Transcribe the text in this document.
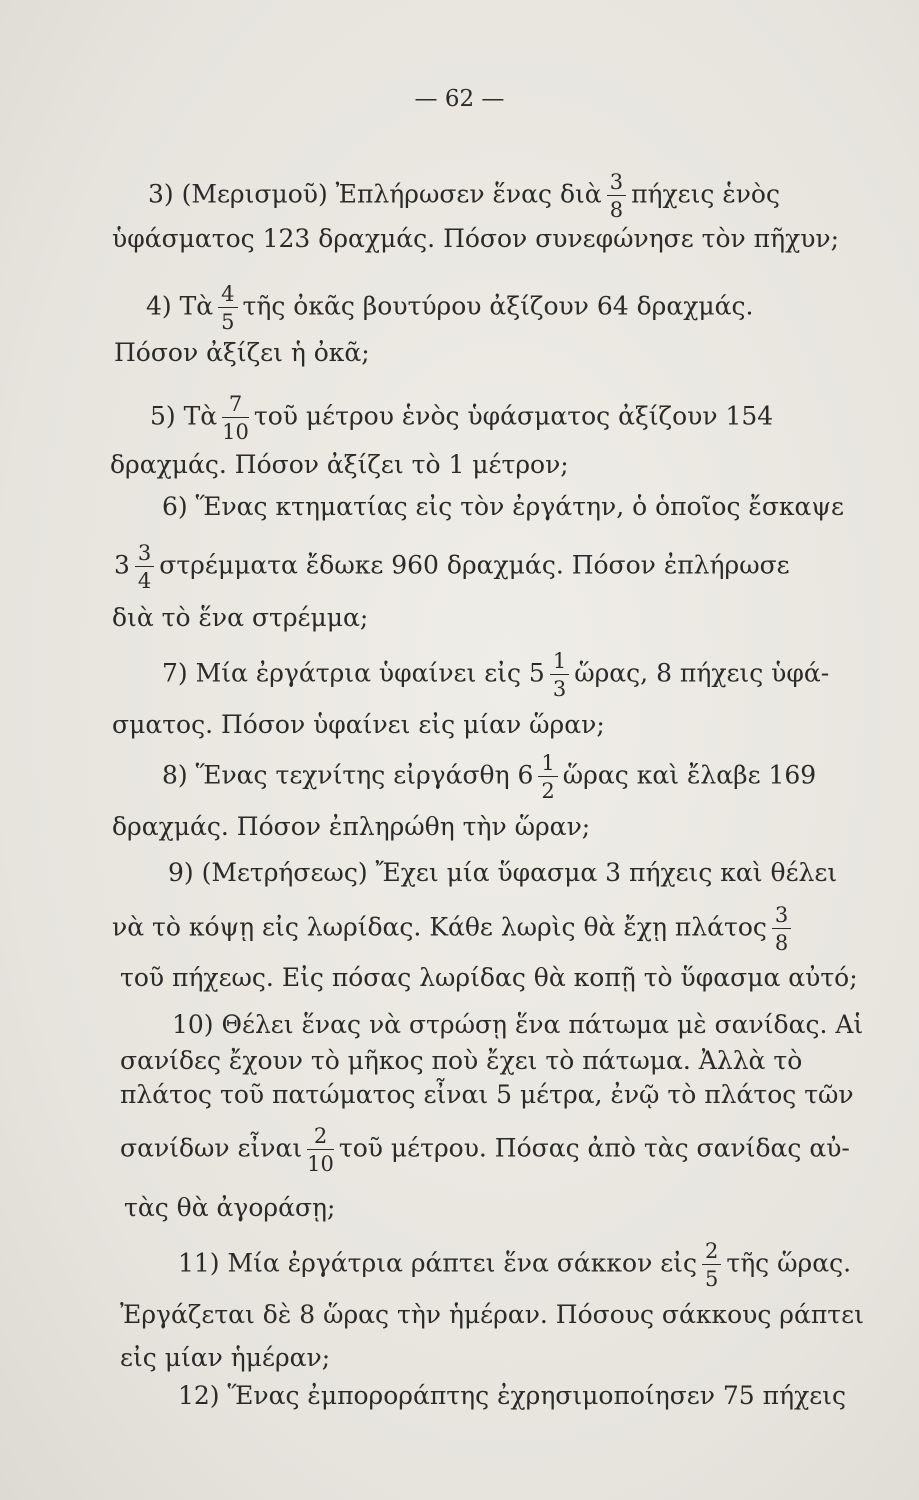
— 62 —
3) (Μερισμοῦ) Ἐπλήρωσεν ἕνας διὰ $\frac{3}{8}$ πήχεις ἑνὸς
ὑφάσματος 123 δραχμάς. Πόσον συνεφώνησε τὸν πῆχυν;
4) Τὰ $\frac{4}{5}$ τῆς ὀκᾶς βουτύρου ἀξίζουν 64 δραχμάς.
Πόσον ἀξίζει ἡ ὀκᾶ;
5) Τὰ $\frac{7}{10}$ τοῦ μέτρου ἑνὸς ὑφάσματος ἀξίζουν 154
δραχμάς. Πόσον ἀξίζει τὸ 1 μέτρον;
6) Ἕνας κτηματίας εἰς τὸν ἐργάτην, ὁ ὁποῖος ἔσκαψε
$3 \frac{3}{4}$ στρέμματα ἔδωκε 960 δραχμάς. Πόσον ἐπλήρωσε
διὰ τὸ ἕνα στρέμμα;
7) Μία ἐργάτρια ὑφαίνει εἰς $5 \frac{1}{3}$ ὥρας, 8 πήχεις ὑφά-
σματος. Πόσον ὑφαίνει εἰς μίαν ὥραν;
8) Ἕνας τεχνίτης εἰργάσθη $6 \frac{1}{2}$ ὥρας καὶ ἔλαβε 169
δραχμάς. Πόσον ἐπληρώθη τὴν ὥραν;
9) (Μετρήσεως) Ἔχει μία ὕφασμα 3 πήχεις καὶ θέλει
νὰ τὸ κόψῃ εἰς λωρίδας. Κάθε λωρὶς θὰ ἔχῃ πλάτος $\frac{3}{8}$
τοῦ πήχεως. Εἰς πόσας λωρίδας θὰ κοπῇ τὸ ὕφασμα αὐτό;
10) Θέλει ἕνας νὰ στρώσῃ ἕνα πάτωμα μὲ σανίδας. Αἱ
σανίδες ἔχουν τὸ μῆκος ποὺ ἔχει τὸ πάτωμα. Ἀλλὰ τὸ
πλάτος τοῦ πατώματος εἶναι 5 μέτρα, ἐνῷ τὸ πλάτος τῶν
σανίδων εἶναι $\frac{2}{10}$ τοῦ μέτρου. Πόσας ἀπὸ τὰς σανίδας αὐ-
τὰς θὰ ἀγοράσῃ;
11) Μία ἐργάτρια ράπτει ἕνα σάκκον εἰς $\frac{2}{5}$ τῆς ὥρας.
Ἐργάζεται δὲ 8 ὥρας τὴν ἡμέραν. Πόσους σάκκους ράπτει
εἰς μίαν ἡμέραν;
12) Ἕνας ἐμποροράπτης ἐχρησιμοποίησεν 75 πήχεις
